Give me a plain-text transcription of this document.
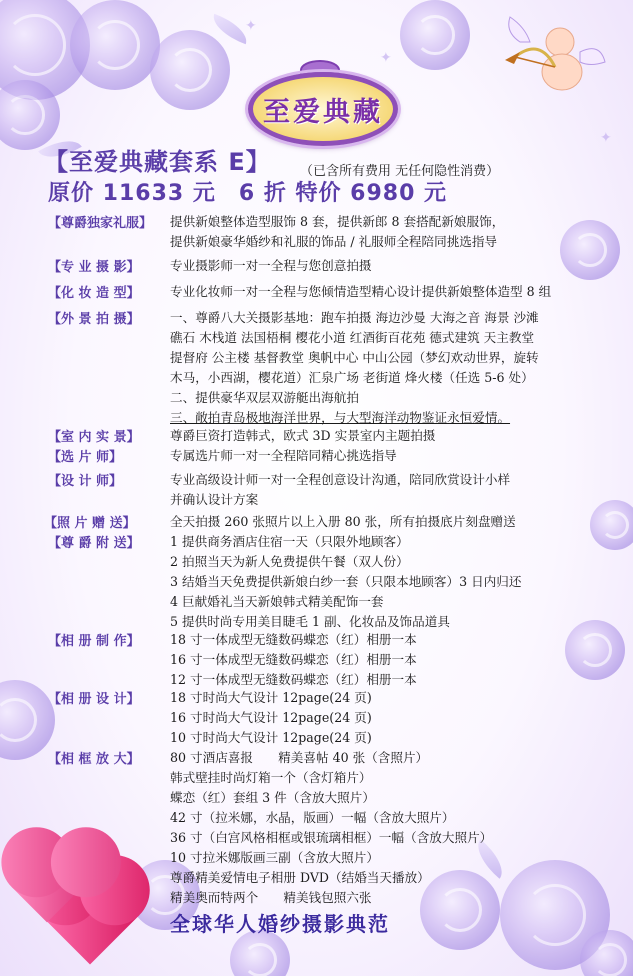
✦
✦
✦
至爱典藏
【至爱典藏套系 E】 （已含所有费用 无任何隐性消费）
原价 11633 元　6 折 特价 6980 元
【尊爵独家礼服】	提供新娘整体造型服饰 8 套，提供新郎 8 套搭配新娘服饰，
提供新娘豪华婚纱和礼服的饰品 / 礼服师全程陪同挑选指导
【专 业 摄 影】	专业摄影师一对一全程与您创意拍摄
【化 妆 造 型】	专业化妆师一对一全程与您倾情造型精心设计提供新娘整体造型 8 组
【外 景 拍 摄】	一、尊爵八大关摄影基地：跑车拍摄 海边沙曼 大海之音 海景 沙滩
礁石 木栈道 法国梧桐 樱花小道 红酒街百花苑 德式建筑 天主教堂
提督府 公主楼 基督教堂 奥帆中心 中山公园（梦幻欢动世界，旋转
木马，小西湖，樱花道）汇泉广场 老街道 烽火楼（任选 5-6 处）
二、提供豪华双层双游艇出海航拍
三、敞拍青岛极地海洋世界，与大型海洋动物鉴证永恒爱情。
【室 内 实 景】	尊爵巨资打造韩式，欧式 3D 实景室内主题拍摄
【选 片 师】	专属选片师一对一全程陪同精心挑选指导
【设 计 师】	专业高级设计师一对一全程创意设计沟通，陪同欣赏设计小样
并确认设计方案
【照 片 赠 送】	全天拍摄 260 张照片以上入册 80 张，所有拍摄底片刻盘赠送
【尊 爵 附 送】	1 提供商务酒店住宿一天（只限外地顾客）
2 拍照当天为新人免费提供午餐（双人份）
3 结婚当天免费提供新娘白纱一套（只限本地顾客）3 日内归还
4 巨献婚礼当天新娘韩式精美配饰一套
5 提供时尚专用美目睫毛 1 副、化妆品及饰品道具
【相 册 制 作】	18 寸一体成型无缝数码蝶恋（红）相册一本
16 寸一体成型无缝数码蝶恋（红）相册一本
12 寸一体成型无缝数码蝶恋（红）相册一本
【相 册 设 计】	18 寸时尚大气设计 12page(24 页)
16 寸时尚大气设计 12page(24 页)
10 寸时尚大气设计 12page(24 页)
【相 框 放 大】	80 寸酒店喜报　　精美喜帖 40 张（含照片）
韩式壁挂时尚灯箱一个（含灯箱片）
蝶恋（红）套组 3 件（含放大照片）
42 寸（拉米娜，水晶，版画）一幅（含放大照片）
36 寸（白宫风格相框或银琉璃相框）一幅（含放大照片）
10 寸拉米娜版画三副（含放大照片）
尊爵精美爱情电子相册 DVD（结婚当天播放）
精美奥而特两个　　精美钱包照六张
全球华人婚纱摄影典范
